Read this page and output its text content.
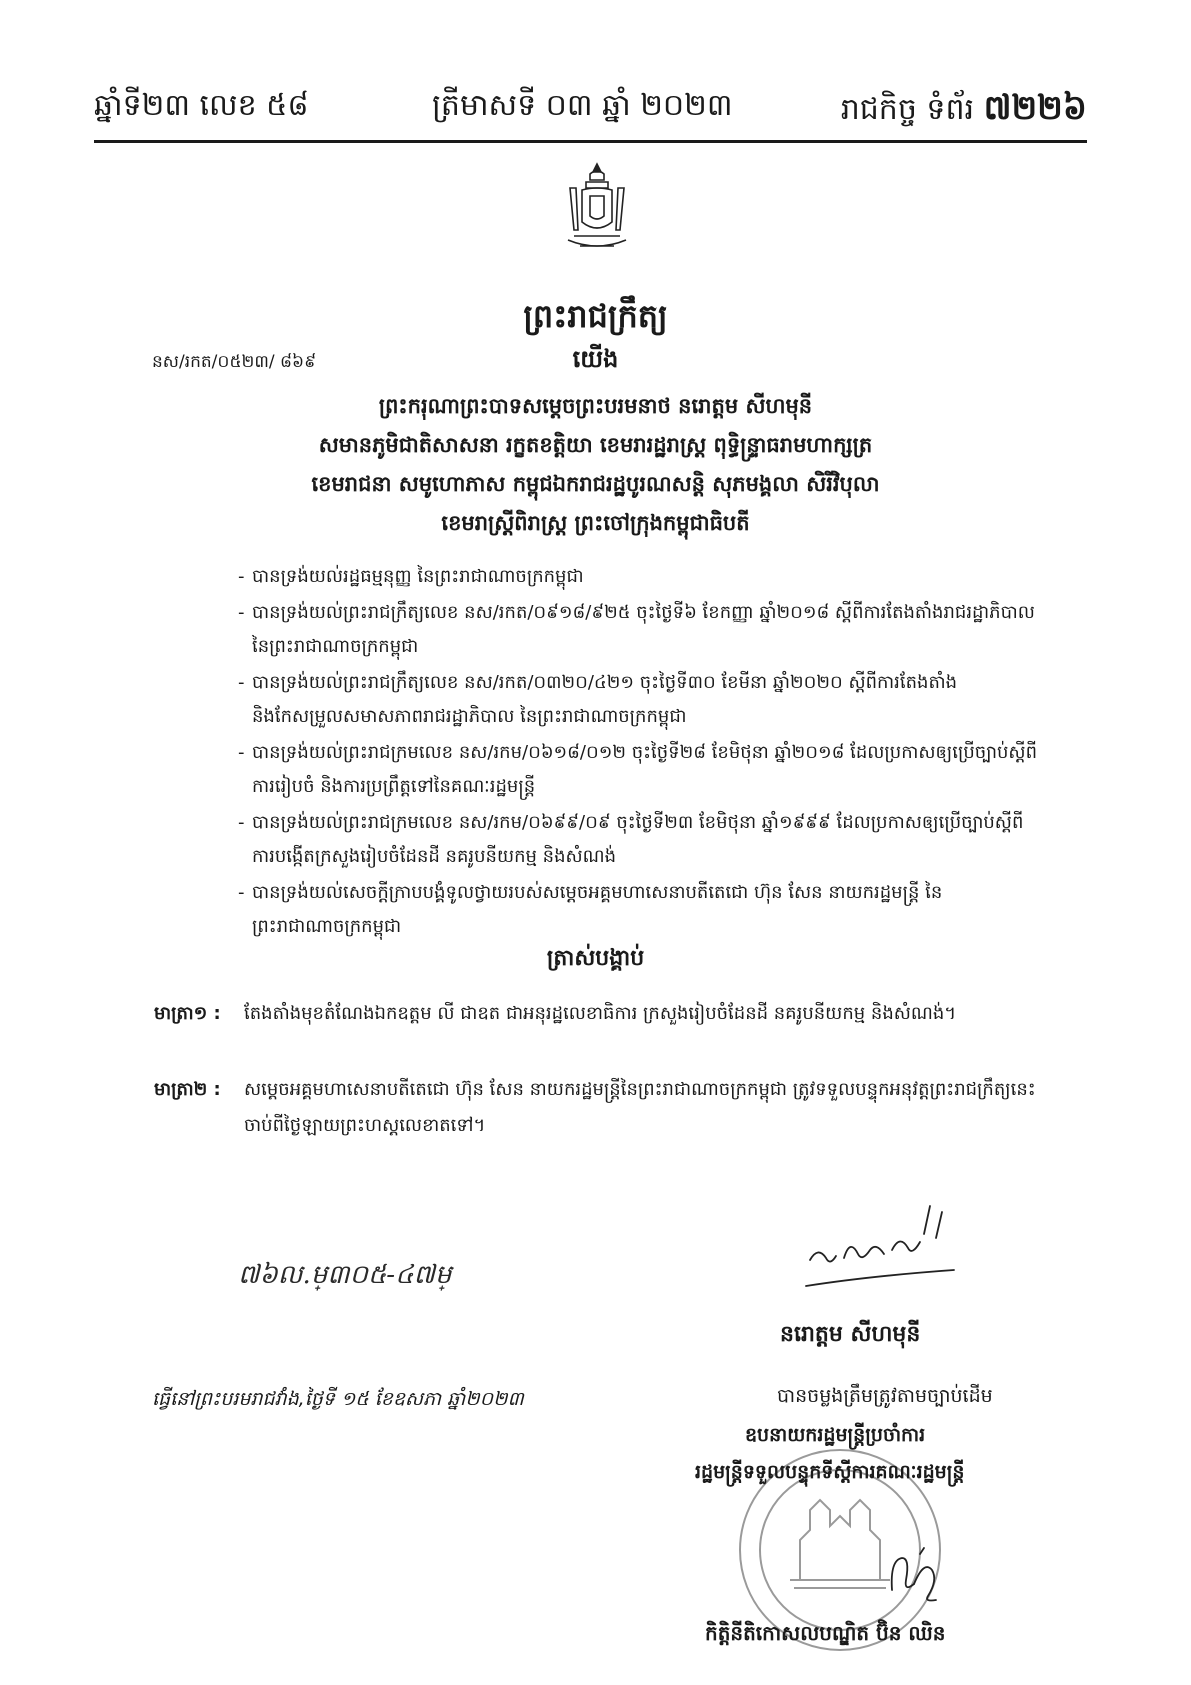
ឆ្នាំទី២៣ លេខ ៥៨	ត្រីមាសទី ០៣ ឆ្នាំ ២០២៣	រាជកិច្ច ទំព័រ ៧២២៦
ព្រះរាជក្រឹត្យ
នស/រកត/០៥២៣/ ៨៦៩	យើង
ព្រះករុណាព្រះបាទសម្តេចព្រះបរមនាថ នរោត្តម សីហមុនី
សមានភូមិជាតិសាសនា រក្ខតខត្តិយា ខេមរារដ្ឋរាស្ត្រ ពុទ្ធិន្ទ្រាធរាមហាក្សត្រ
ខេមរាជនា សមូហោភាស កម្ពុជឯករាជរដ្ឋបូរណសន្តិ សុភមង្គលា សិរីវិបុលា
ខេមរាស្ត្រីពិរាស្ត្រ ព្រះចៅក្រុងកម្ពុជាធិបតី
- បានទ្រង់យល់រដ្ឋធម្មនុញ្ញ នៃព្រះរាជាណាចក្រកម្ពុជា
- បានទ្រង់យល់ព្រះរាជក្រឹត្យលេខ នស/រកត/០៩១៨/៩២៥ ចុះថ្ងៃទី៦ ខែកញ្ញា ឆ្នាំ២០១៨ ស្តីពីការតែងតាំងរាជរដ្ឋាភិបាល នៃព្រះរាជាណាចក្រកម្ពុជា
- បានទ្រង់យល់ព្រះរាជក្រឹត្យលេខ នស/រកត/០៣២០/៤២១ ចុះថ្ងៃទី៣០ ខែមីនា ឆ្នាំ២០២០ ស្តីពីការតែងតាំង និងកែសម្រួលសមាសភាពរាជរដ្ឋាភិបាល នៃព្រះរាជាណាចក្រកម្ពុជា
- បានទ្រង់យល់ព្រះរាជក្រមលេខ នស/រកម/០៦១៨/០១២ ចុះថ្ងៃទី២៨ ខែមិថុនា ឆ្នាំ២០១៨ ដែលប្រកាសឲ្យប្រើច្បាប់ស្តីពីការរៀបចំ និងការប្រព្រឹត្តទៅនៃគណៈរដ្ឋមន្ត្រី
- បានទ្រង់យល់ព្រះរាជក្រមលេខ នស/រកម/០៦៩៩/០៩ ចុះថ្ងៃទី២៣ ខែមិថុនា ឆ្នាំ១៩៩៩ ដែលប្រកាសឲ្យប្រើច្បាប់ស្តីពីការបង្កើតក្រសួងរៀបចំដែនដី នគរូបនីយកម្ម និងសំណង់
- បានទ្រង់យល់សេចក្តីក្រាបបង្គំទូលថ្វាយរបស់សម្តេចអគ្គមហាសេនាបតីតេជោ ហ៊ុន សែន នាយករដ្ឋមន្ត្រី នៃព្រះរាជាណាចក្រកម្ពុជា
ត្រាស់បង្គាប់
មាត្រា១ : តែងតាំងមុខតំណែងឯកឧត្តម លី ជាឧត ជាអនុរដ្ឋលេខាធិការ ក្រសួងរៀបចំដែនដី នគរូបនីយកម្ម និងសំណង់។
មាត្រា២ : សម្តេចអគ្គមហាសេនាបតីតេជោ ហ៊ុន សែន នាយករដ្ឋមន្ត្រីនៃព្រះរាជាណាចក្រកម្ពុជា ត្រូវទទួលបន្ទុកអនុវត្តព្រះរាជក្រឹត្យនេះ ចាប់ពីថ្ងៃឡាយព្រះហស្តលេខាតទៅ។
៧៦ល.ម្៣០៥-៤៧ម្
នរោត្តម សីហមុនី
ធ្វើនៅព្រះបរមរាជវាំង,ថ្ងៃទី ១៥ ខែឧសភា ឆ្នាំ២០២៣	បានចម្លងត្រឹមត្រូវតាមច្បាប់ដើម
ឧបនាយករដ្ឋមន្ត្រីប្រចាំការ
រដ្ឋមន្ត្រីទទួលបន្ទុកទីស្តីការគណៈរដ្ឋមន្ត្រី
កិត្តិនីតិកោសលបណ្ឌិត ប៊ិន ឈិន
